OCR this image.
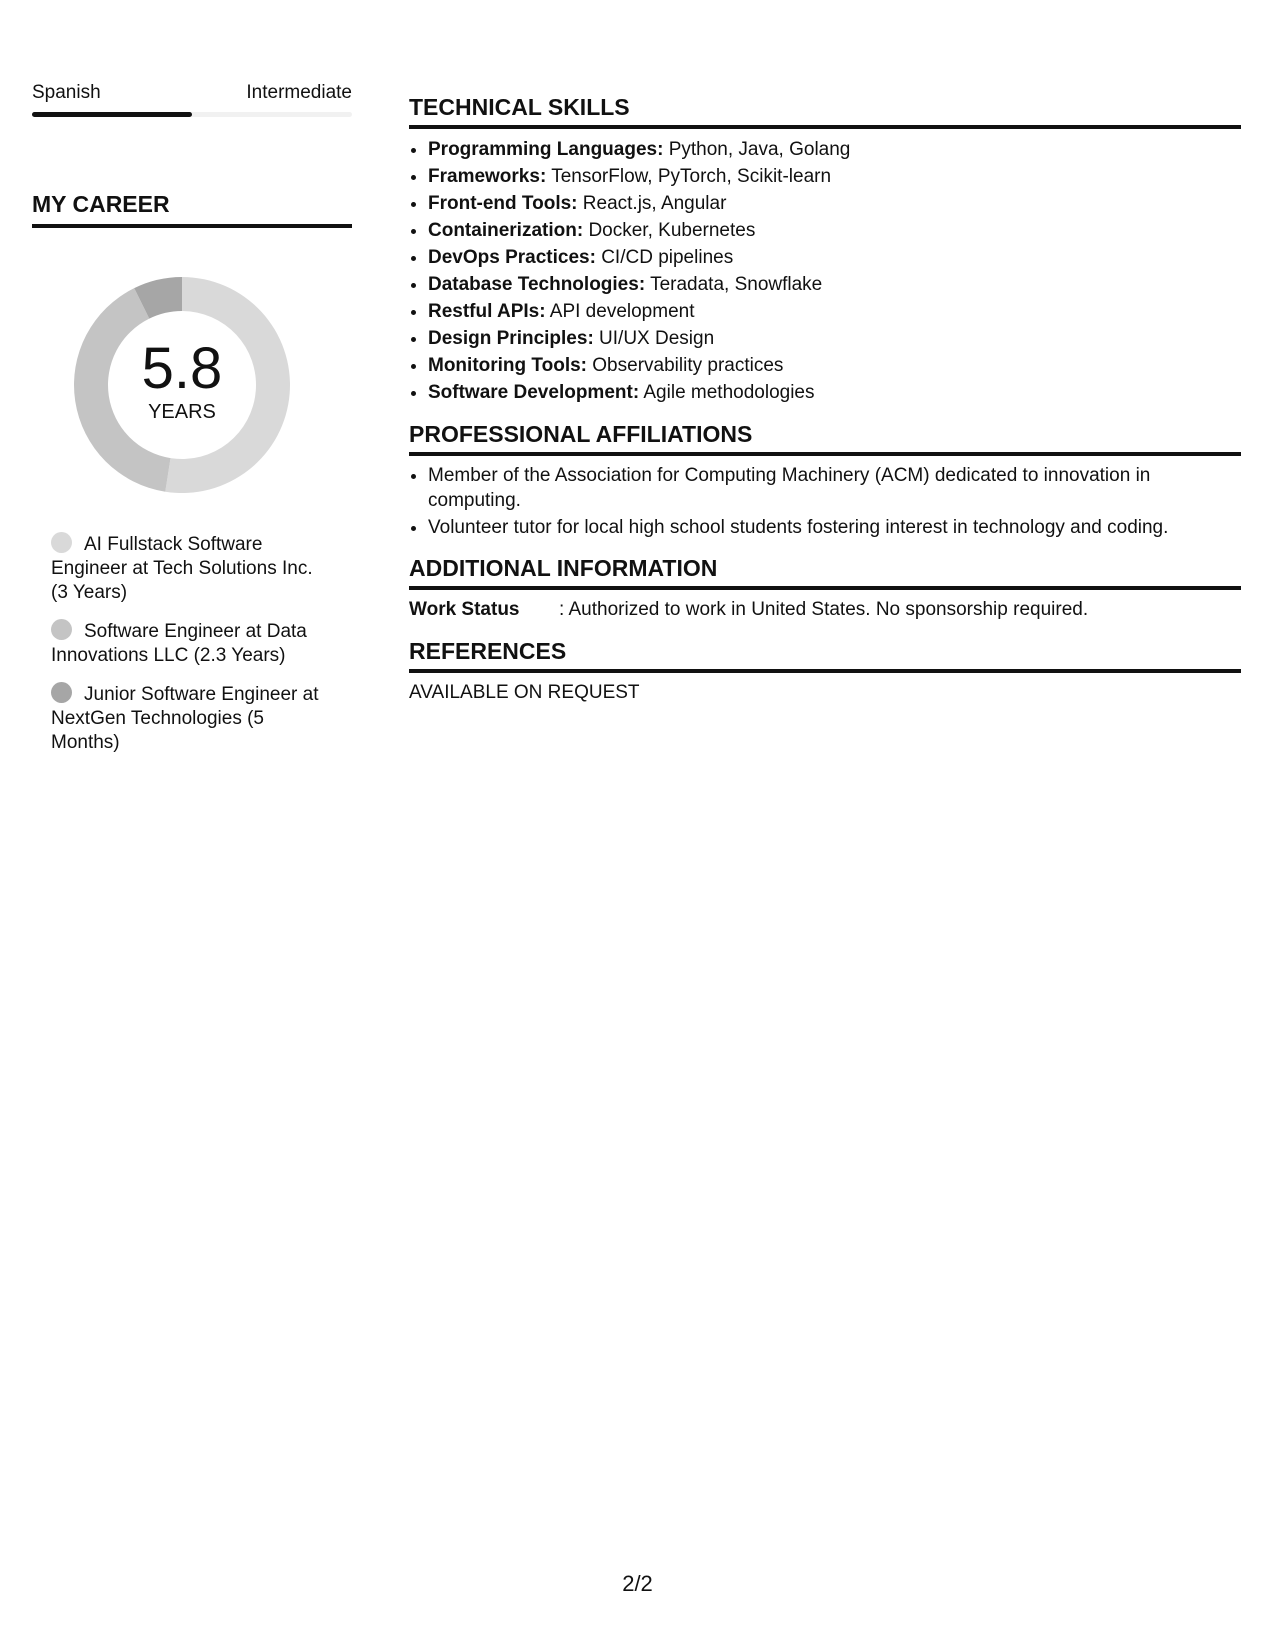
Spanish	Intermediate
MY CAREER
5.8
YEARS
AI Fullstack Software Engineer at Tech Solutions Inc. (3 Years)
Software Engineer at Data Innovations LLC (2.3 Years)
Junior Software Engineer at NextGen Technologies (5 Months)
TECHNICAL SKILLS
• Programming Languages: Python, Java, Golang
• Frameworks: TensorFlow, PyTorch, Scikit-learn
• Front-end Tools: React.js, Angular
• Containerization: Docker, Kubernetes
• DevOps Practices: CI/CD pipelines
• Database Technologies: Teradata, Snowflake
• Restful APIs: API development
• Design Principles: UI/UX Design
• Monitoring Tools: Observability practices
• Software Development: Agile methodologies
PROFESSIONAL AFFILIATIONS
• Member of the Association for Computing Machinery (ACM) dedicated to innovation in computing.
• Volunteer tutor for local high school students fostering interest in technology and coding.
ADDITIONAL INFORMATION
Work Status	: Authorized to work in United States. No sponsorship required.
REFERENCES
AVAILABLE ON REQUEST
2/2
